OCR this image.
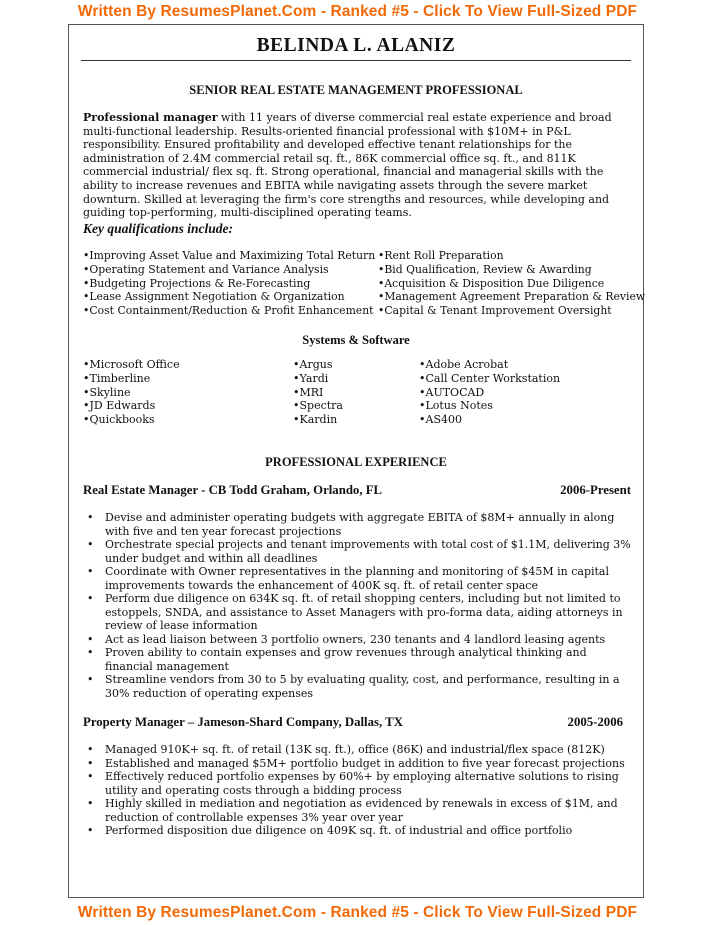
Written By ResumesPlanet.Com - Ranked #5 - Click To View Full-Sized PDF
BELINDA L. ALANIZ
SENIOR REAL ESTATE MANAGEMENT PROFESSIONAL
Professional manager with 11 years of diverse commercial real estate experience and broad multi-functional leadership. Results-oriented financial professional with $10M+ in P&L responsibility. Ensured profitability and developed effective tenant relationships for the administration of 2.4M commercial retail sq. ft., 86K commercial office sq. ft., and 811K commercial industrial/ flex sq. ft. Strong operational, financial and managerial skills with the ability to increase revenues and EBITA while navigating assets through the severe market downturn. Skilled at leveraging the firm's core strengths and resources, while developing and guiding top-performing, multi-disciplined operating teams.
Key qualifications include:
• Improving Asset Value and Maximizing Total Return
• Operating Statement and Variance Analysis
• Budgeting Projections & Re-Forecasting
• Lease Assignment Negotiation & Organization
• Cost Containment/Reduction & Profit Enhancement
• Rent Roll Preparation
• Bid Qualification, Review & Awarding
• Acquisition & Disposition Due Diligence
• Management Agreement Preparation & Review
• Capital & Tenant Improvement Oversight
Systems & Software
• Microsoft Office
• Timberline
• Skyline
• JD Edwards
• Quickbooks
• Argus
• Yardi
• MRI
• Spectra
• Kardin
• Adobe Acrobat
• Call Center Workstation
• AUTOCAD
• Lotus Notes
• AS400
PROFESSIONAL EXPERIENCE
Real Estate Manager - CB Todd Graham, Orlando, FL	2006-Present
• Devise and administer operating budgets with aggregate EBITA of $8M+ annually in along with five and ten year forecast projections
• Orchestrate special projects and tenant improvements with total cost of $1.1M, delivering 3% under budget and within all deadlines
• Coordinate with Owner representatives in the planning and monitoring of $45M in capital improvements towards the enhancement of 400K sq. ft. of retail center space
• Perform due diligence on 634K sq. ft. of retail shopping centers, including but not limited to estoppels, SNDA, and assistance to Asset Managers with pro-forma data, aiding attorneys in review of lease information
• Act as lead liaison between 3 portfolio owners, 230 tenants and 4 landlord leasing agents
• Proven ability to contain expenses and grow revenues through analytical thinking and financial management
• Streamline vendors from 30 to 5 by evaluating quality, cost, and performance, resulting in a 30% reduction of operating expenses
Property Manager – Jameson-Shard Company, Dallas, TX	2005-2006
• Managed 910K+ sq. ft. of retail (13K sq. ft.), office (86K) and industrial/flex space (812K)
• Established and managed $5M+ portfolio budget in addition to five year forecast projections
• Effectively reduced portfolio expenses by 60%+ by employing alternative solutions to rising utility and operating costs through a bidding process
• Highly skilled in mediation and negotiation as evidenced by renewals in excess of $1M, and reduction of controllable expenses 3% year over year
• Performed disposition due diligence on 409K sq. ft. of industrial and office portfolio
Written By ResumesPlanet.Com - Ranked #5 - Click To View Full-Sized PDF
